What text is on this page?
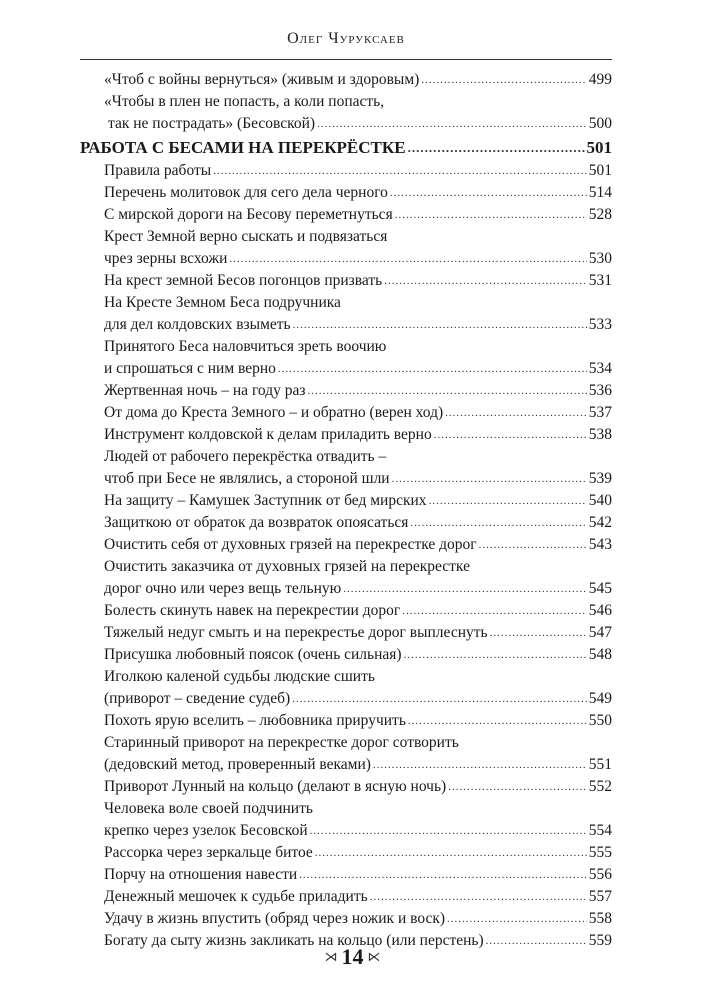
Олег Чуруксаев
«Чтоб с войны вернуться» (живым и здоровым) .....	499
«Чтобы в плен не попасть, а коли попасть,
так не пострадать» (Бесовской) .....	500
РАБОТА С БЕСАМИ НА ПЕРЕКРЁСТКЕ .....	501
Правила работы .....	501
Перечень молитовок для сего дела черного .....	514
С мирской дороги на Бесову переметнуться .....	528
Крест Земной верно сыскать и подвязаться
чрез зерны всхожи .....	530
На крест земной Бесов погонцов призвать .....	531
На Кресте Земном Беса подручника
для дел колдовских взыметь .....	533
Принятого Беса наловчиться зреть воочию
и спрошаться с ним верно .....	534
Жертвенная ночь – на году раз .....	536
От дома до Креста Земного – и обратно (верен ход) .....	537
Инструмент колдовской к делам приладить верно .....	538
Людей от рабочего перекрёстка отвадить –
чтоб при Бесе не являлись, а стороной шли .....	539
На защиту – Камушек Заступник от бед мирских .....	540
Защиткою от обраток да возвраток опоясаться .....	542
Очистить себя от духовных грязей на перекрестке дорог .....	543
Очистить заказчика от духовных грязей на перекрестке
дорог очно или через вещь тельную .....	545
Болесть скинуть навек на перекрестии дорог .....	546
Тяжелый недуг смыть и на перекрестье дорог выплеснуть .....	547
Присушка любовный поясок (очень сильная) .....	548
Иголкою каленой судьбы людские сшить
(приворот – сведение судеб) .....	549
Похоть ярую вселить – любовника приручить .....	550
Старинный приворот на перекрестке дорог сотворить
(дедовский метод, проверенный веками) .....	551
Приворот Лунный на кольцо (делают в ясную ночь) .....	552
Человека воле своей подчинить
крепко через узелок Бесовской .....	554
Рассорка через зеркальце битое .....	555
Порчу на отношения навести .....	556
Денежный мешочек к судьбе приладить .....	557
Удачу в жизнь впустить (обряд через ножик и воск) .....	558
Богату да сыту жизнь закликать на кольцо (или перстень) .....	559
⋊ 14 ⋉
